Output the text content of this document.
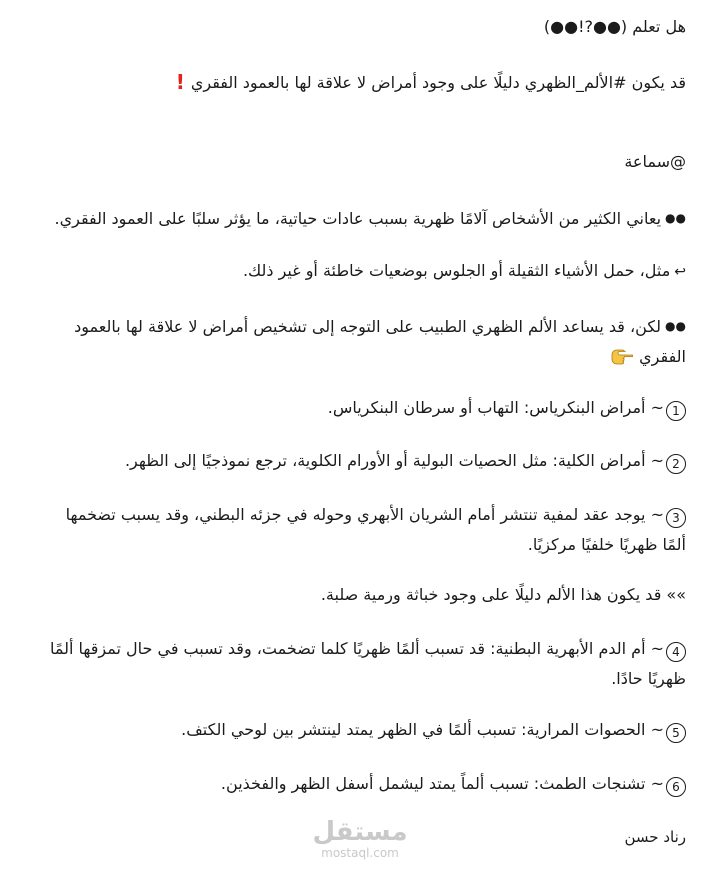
هل تعلم (●●?!●●)
قد يكون #الألم_الظهري دليلًا على وجود أمراض لا علاقة لها بالعمود الفقري!
@سماعة
●●يعاني الكثير من الأشخاص آلامًا ظهرية بسبب عادات حياتية، ما يؤثر سلبًا على العمود الفقري.
↩مثل، حمل الأشياء الثقيلة أو الجلوس بوضعيات خاطئة أو غير ذلك.
●●لكن، قد يساعد الألم الظهري الطبيب على التوجه إلى تشخيص أمراض لا علاقة لها بالعمود الفقري
1~ أمراض البنكرياس: التهاب أو سرطان البنكرياس.
2~ أمراض الكلية: مثل الحصيات البولية أو الأورام الكلوية، ترجع نموذجيًا إلى الظهر.
3~ يوجد عقد لمفية تنتشر أمام الشريان الأبهري وحوله في جزئه البطني، وقد يسبب تضخمها ألمًا ظهريًا خلفيًا مركزيًا.
»» قد يكون هذا الألم دليلًا على وجود خباثة ورمية صلبة.
4~ أم الدم الأبهرية البطنية: قد تسبب ألمًا ظهريًا كلما تضخمت، وقد تسبب في حال تمزقها ألمًا ظهريًا حادًا.
5~ الحصوات المرارية: تسبب ألمًا في الظهر يمتد لينتشر بين لوحي الكتف.
6~ تشنجات الطمث: تسبب ألماً يمتد ليشمل أسفل الظهر والفخذين.
رناد حسن
مستقل
mostaql.com
